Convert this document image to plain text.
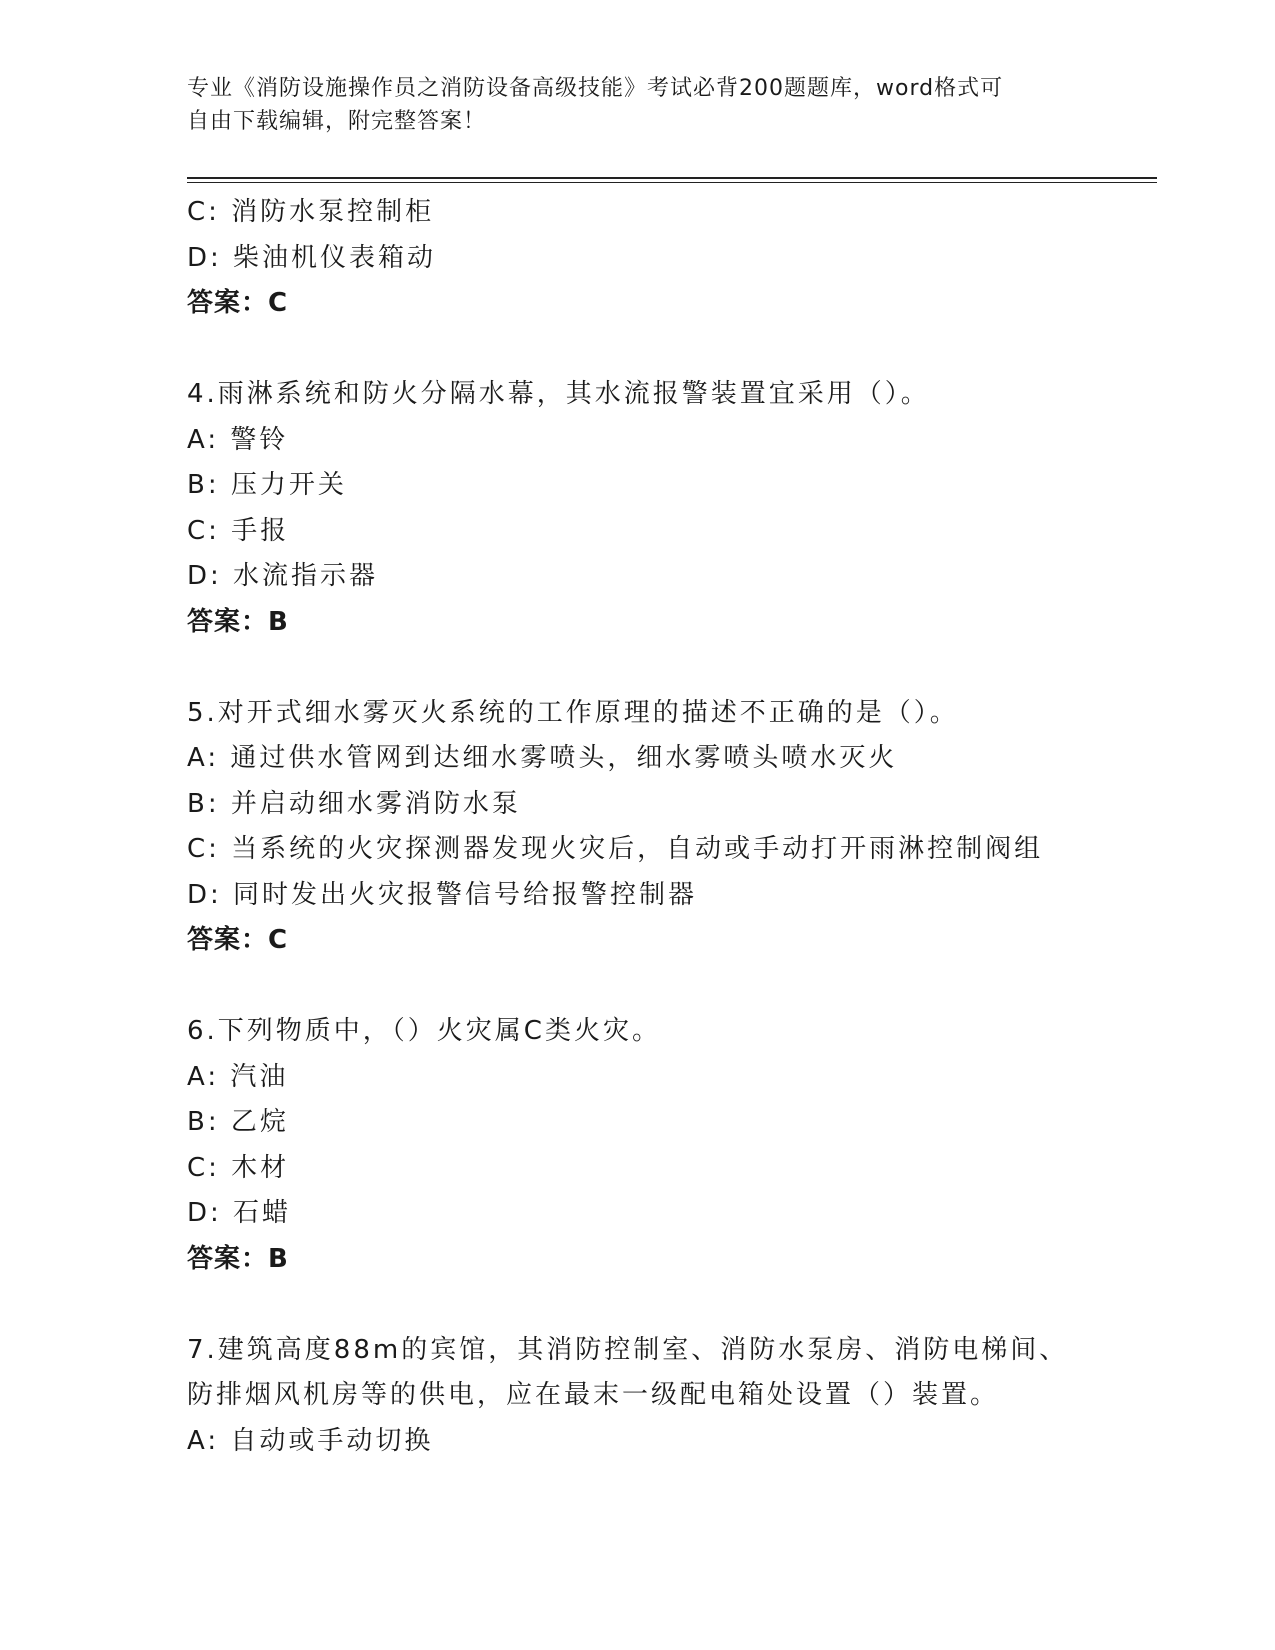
专业《消防设施操作员之消防设备高级技能》考试必背200题题库，word格式可
自由下载编辑，附完整答案！
C: 消防水泵控制柜
D: 柴油机仪表箱动
答案：C
4.雨淋系统和防火分隔水幕，其水流报警装置宜采用（）。
A: 警铃
B: 压力开关
C: 手报
D: 水流指示器
答案：B
5.对开式细水雾灭火系统的工作原理的描述不正确的是（）。
A: 通过供水管网到达细水雾喷头，细水雾喷头喷水灭火
B: 并启动细水雾消防水泵
C: 当系统的火灾探测器发现火灾后，自动或手动打开雨淋控制阀组
D: 同时发出火灾报警信号给报警控制器
答案：C
6.下列物质中，（）火灾属C类火灾。
A: 汽油
B: 乙烷
C: 木材
D: 石蜡
答案：B
7.建筑高度88m的宾馆，其消防控制室、消防水泵房、消防电梯间、
防排烟风机房等的供电，应在最末一级配电箱处设置（）装置。
A: 自动或手动切换
